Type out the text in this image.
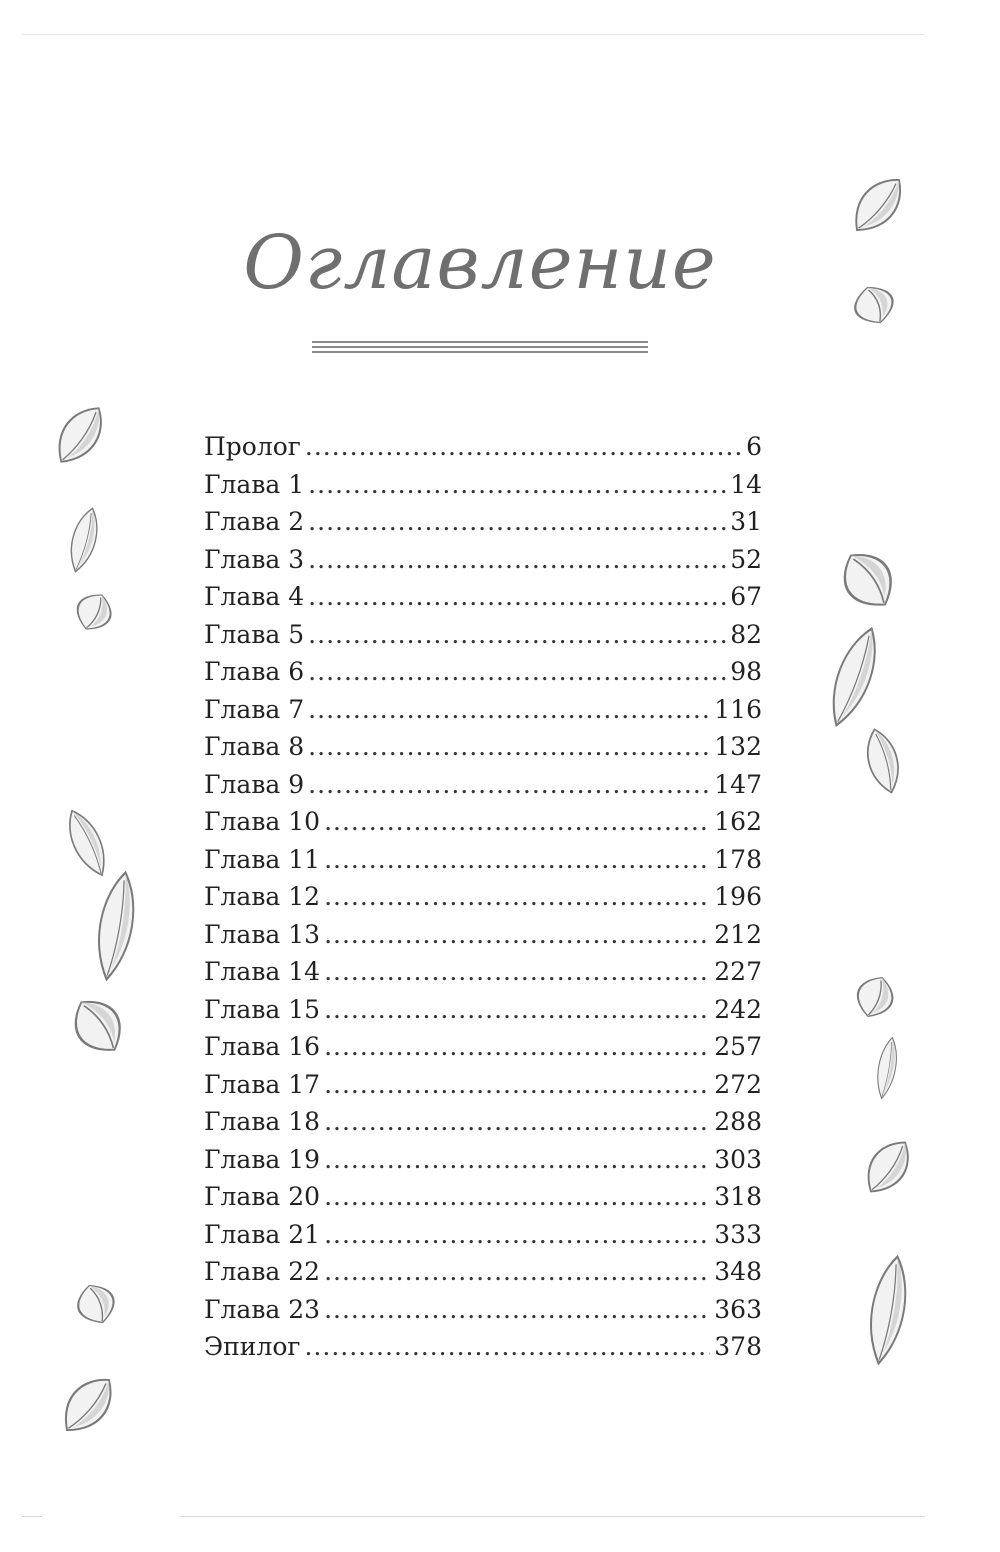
Оглавление
Пролог .....	6
Глава 1 .....	14
Глава 2 .....	31
Глава 3 .....	52
Глава 4 .....	67
Глава 5 .....	82
Глава 6 .....	98
Глава 7 .....	116
Глава 8 .....	132
Глава 9 .....	147
Глава 10 .....	162
Глава 11 .....	178
Глава 12 .....	196
Глава 13 .....	212
Глава 14 .....	227
Глава 15 .....	242
Глава 16 .....	257
Глава 17 .....	272
Глава 18 .....	288
Глава 19 .....	303
Глава 20 .....	318
Глава 21 .....	333
Глава 22 .....	348
Глава 23 .....	363
Эпилог .....	378
